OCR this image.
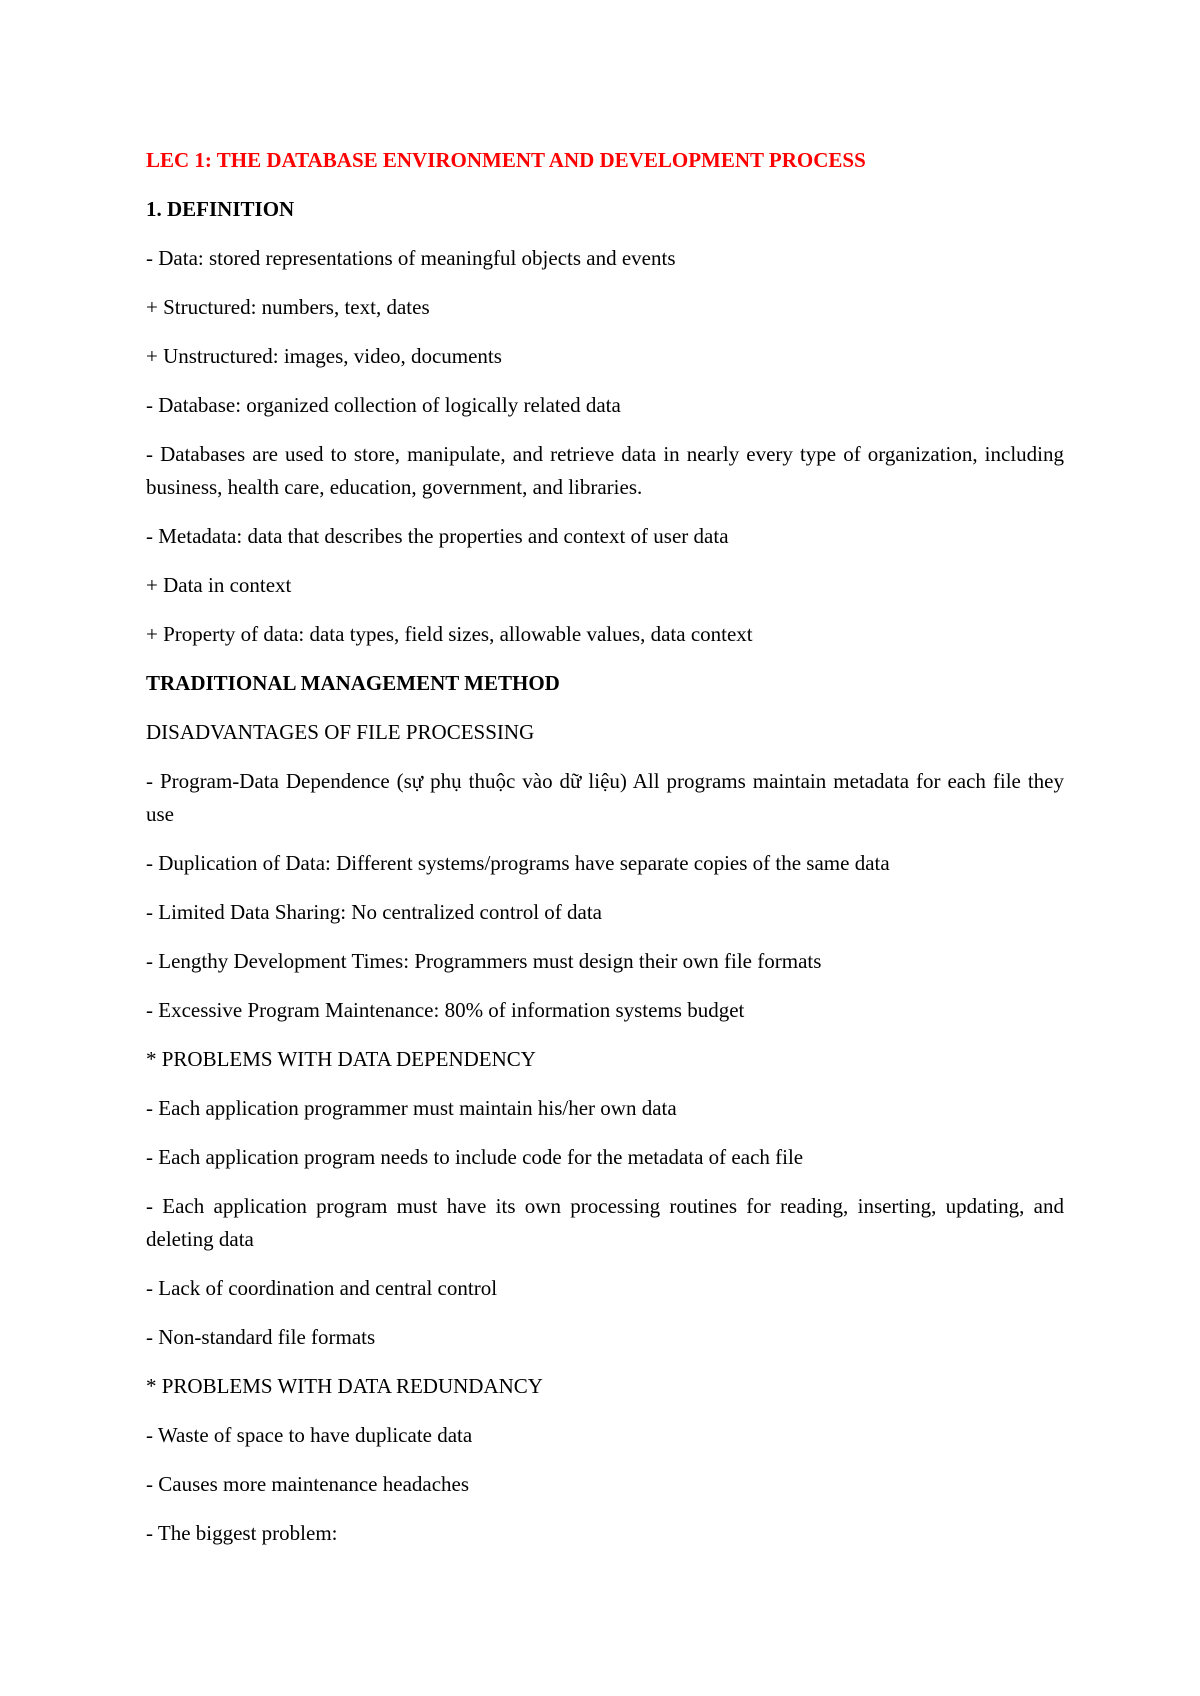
LEC 1: THE DATABASE ENVIRONMENT AND DEVELOPMENT PROCESS

1. DEFINITION

- Data: stored representations of meaningful objects and events

+ Structured: numbers, text, dates

+ Unstructured: images, video, documents

- Database: organized collection of logically related data

- Databases are used to store, manipulate, and retrieve data in nearly every type of organization, including business, health care, education, government, and libraries.

- Metadata: data that describes the properties and context of user data

+ Data in context

+ Property of data: data types, field sizes, allowable values, data context

TRADITIONAL MANAGEMENT METHOD

DISADVANTAGES OF FILE PROCESSING

- Program-Data Dependence (sự phụ thuộc vào dữ liệu) All programs maintain metadata for each file they use

- Duplication of Data: Different systems/programs have separate copies of the same data

- Limited Data Sharing: No centralized control of data

- Lengthy Development Times: Programmers must design their own file formats

- Excessive Program Maintenance: 80% of information systems budget

* PROBLEMS WITH DATA DEPENDENCY

- Each application programmer must maintain his/her own data

- Each application program needs to include code for the metadata of each file

- Each application program must have its own processing routines for reading, inserting, updating, and deleting data

- Lack of coordination and central control

- Non-standard file formats

* PROBLEMS WITH DATA REDUNDANCY

- Waste of space to have duplicate data

- Causes more maintenance headaches

- The biggest problem:
